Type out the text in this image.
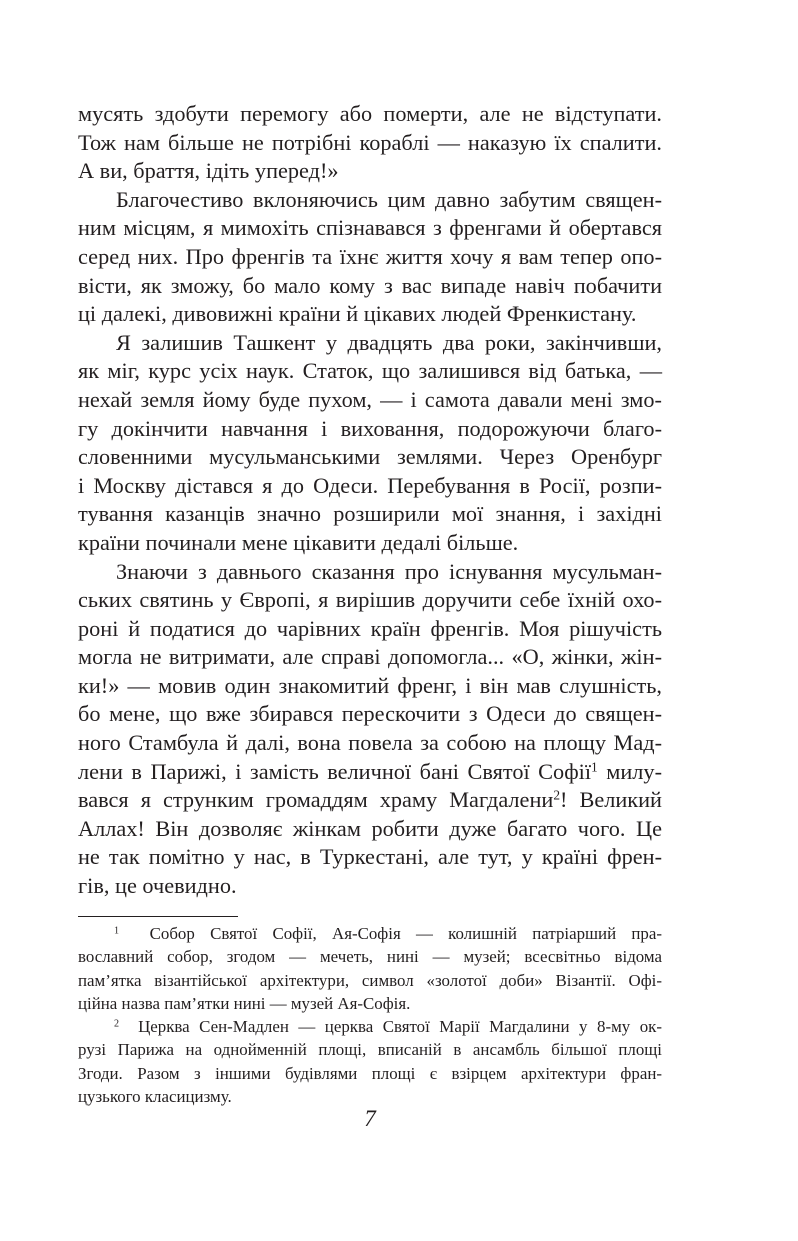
мусять здобути перемогу або померти, але не відступати.
Тож нам більше не потрібні кораблі — наказую їх спалити.
А ви, браття, ідіть уперед!»
Благочестиво вклоняючись цим давно забутим священ-
ним місцям, я мимохіть спізнавався з френгами й обертався
серед них. Про френгів та їхнє життя хочу я вам тепер опо-
вісти, як зможу, бо мало кому з вас випаде навіч побачити
ці далекі, дивовижні країни й цікавих людей Френкистану.
Я залишив Ташкент у двадцять два роки, закінчивши,
як міг, курс усіх наук. Статок, що залишився від батька, —
нехай земля йому буде пухом, — і самота давали мені змо-
гу докінчити навчання і виховання, подорожуючи благо-
словенними мусульманськими землями. Через Оренбург
і Москву дістався я до Одеси. Перебування в Росії, розпи-
тування казанців значно розширили мої знання, і західні
країни починали мене цікавити дедалі більше.
Знаючи з давнього сказання про існування мусульман-
ських святинь у Європі, я вирішив доручити себе їхній охо-
роні й податися до чарівних країн френгів. Моя рішучість
могла не витримати, але справі допомогла... «О, жінки, жін-
ки!» — мовив один знакомитий френг, і він мав слушність,
бо мене, що вже збирався перескочити з Одеси до священ-
ного Стамбула й далі, вона повела за собою на площу Мад-
лени в Парижі, і замість величної бані Святої Софії$^1$ милу-
вався я струнким громаддям храму Магдалени$^2$! Великий
Аллах! Він дозволяє жінкам робити дуже багато чого. Це
не так помітно у нас, в Туркестані, але тут, у країні френ-
гів, це очевидно.
$^1$ Собор Святої Софії, Ая-Софія — колишній патріарший пра-
вославний собор, згодом — мечеть, нині — музей; всесвітньо відома
пам’ятка візантійської архітектури, символ «золотої доби» Візантії. Офі-
ційна назва пам’ятки нині — музей Ая-Софія.
$^2$ Церква Сен-Мадлен — церква Святої Марії Магдалини у 8-му ок-
рузі Парижа на однойменній площі, вписаній в ансамбль більшої площі
Згоди. Разом з іншими будівлями площі є взірцем архітектури фран-
цузького класицизму.
7
